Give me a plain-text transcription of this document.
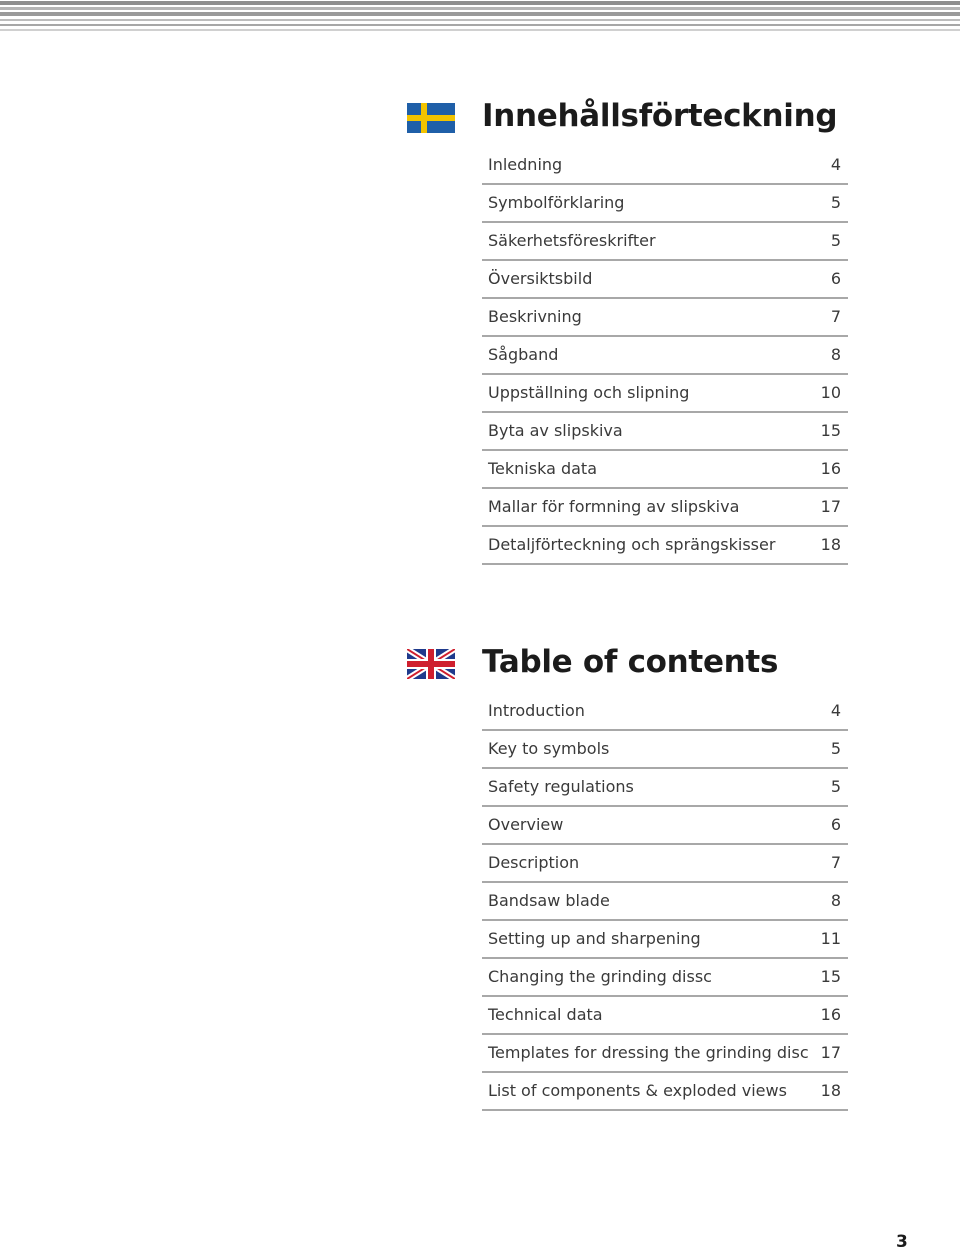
Innehållsförteckning
Inledning	4
Symbolförklaring	5
Säkerhetsföreskrifter	5
Översiktsbild	6
Beskrivning	7
Sågband	8
Uppställning och slipning	10
Byta av slipskiva	15
Tekniska data	16
Mallar för formning av slipskiva	17
Detaljförteckning och sprängskisser	18
Table of contents
Introduction	4
Key to symbols	5
Safety regulations	5
Overview	6
Description	7
Bandsaw blade	8
Setting up and sharpening	11
Changing the grinding dissc	15
Technical data	16
Templates for dressing the grinding disc 17
List of components & exploded views 18
3
